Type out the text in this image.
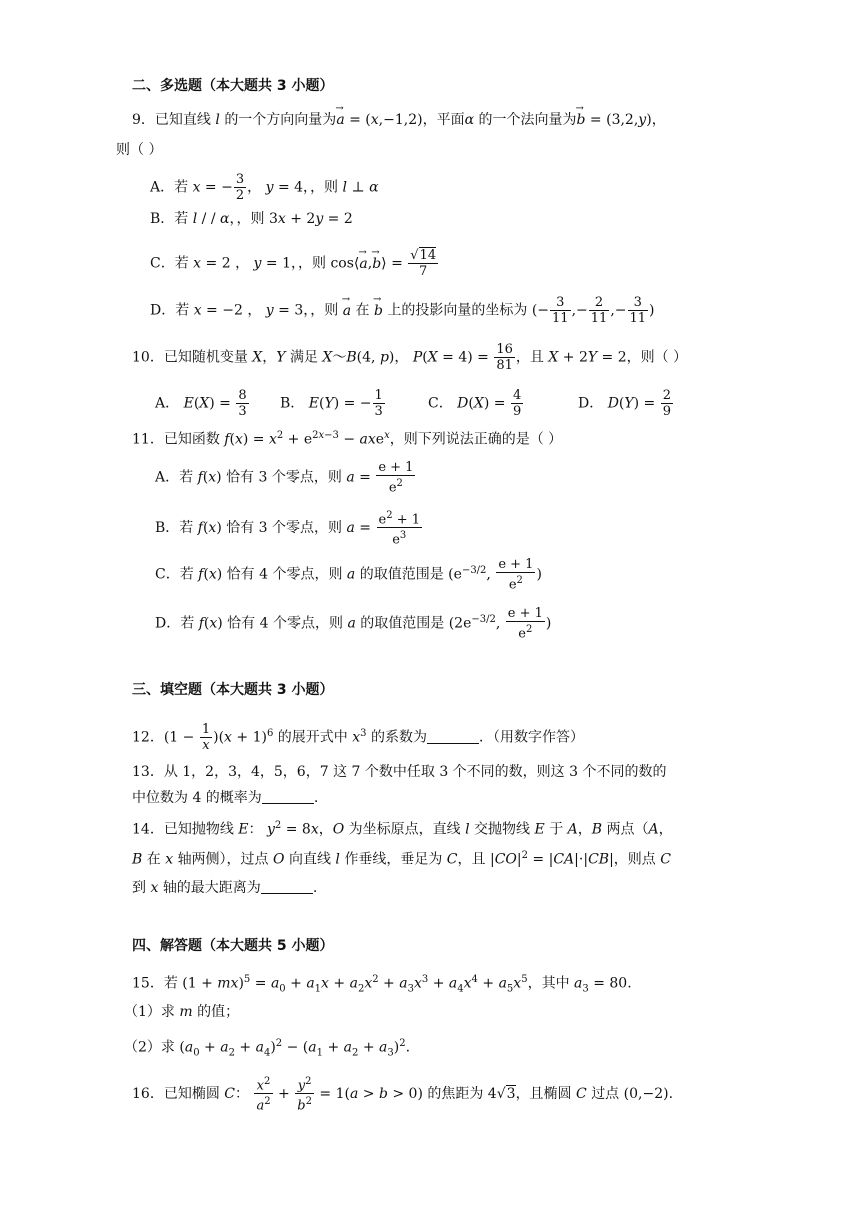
二、多选题（本大题共 3 小题）
9．已知直线 l 的一个方向向量为→ a = (x,−1,2)，平面α 的一个法向量为→ b = (3,2,y)，
则（ ）
A．若 x = − $\frac{3}{2}$ ， y = 4，，则 l ⊥ α
B．若 l / / α，，则 3x + 2y = 2
C．若 x = 2 ， y = 1，，则 cos⟨→ a,→ b⟩ = $\frac{√14}{7}$
D．若 x = −2 ， y = 3，，则 → a 在 → b 上的投影向量的坐标为 (− $\frac{3}{11}$ ,− $\frac{2}{11}$ ,− $\frac{3}{11}$ )
10．已知随机变量 X，Y 满足 X～B(4, p)， $P(X = 4) = \frac{16}{81}$ ，且 X + 2Y = 2，则（ ）
A． $E(X) = \frac{8}{3}$ B． E(Y) = − $\frac{1}{3}$	C． $D(X) = \frac{4}{9}$	D． $D(Y) = \frac{2}{9}$
11．已知函数 $f(x) = x^2 + e^{2x-3} - axe^x$，则下列说法正确的是（ ）
A．若 f(x) 恰有 3 个零点，则 $a = \frac{e + 1}{e^2}$
B．若 f(x) 恰有 3 个零点，则 $a = \frac{e^2 + 1}{e^3}$
C．若 f(x) 恰有 4 个零点，则 a 的取值范围是 ($e^{-3/2}$, $\frac{e + 1}{e^2}$ )
D．若 f(x) 恰有 4 个零点，则 a 的取值范围是 ($2e^{-3/2}$, $\frac{e + 1}{e^2}$ )
三、填空题（本大题共 3 小题）
12．$(1 - \frac{1}{x} )(x + 1)^6$ 的展开式中 $x^3$ 的系数为	．（用数字作答）
13．从 1，2，3，4，5，6，7 这 7 个数中任取 3 个不同的数，则这 3 个不同的数的
中位数为 4 的概率为	.
14．已知抛物线 E： $y^2 = 8x$，O 为坐标原点，直线 l 交抛物线 E 于 A，B 两点（A，
B 在 x 轴两侧），过点 O 向直线 l 作垂线，垂足为 C，且 $|CO|^2 = |CA|\cdot|CB|$，则点 C
到 x 轴的最大距离为	.
四、解答题（本大题共 5 小题）
15．若 $(1 + mx)^5 = a_0 + a_1x + a_2x^2 + a_3x^3 + a_4x^4 + a_5x^5$，其中 $a_3 = 80$.
（1）求 m 的值；
（2）求 $(a_0 + a_2 + a_4)^2 - (a_1 + a_2 + a_3)^2$.
16．已知椭圆 C： $\frac{x^2}{a^2} + \frac{y^2}{b^2} = 1(a > b > 0)$ 的焦距为 4√3，且椭圆 C 过点 (0,−2).
